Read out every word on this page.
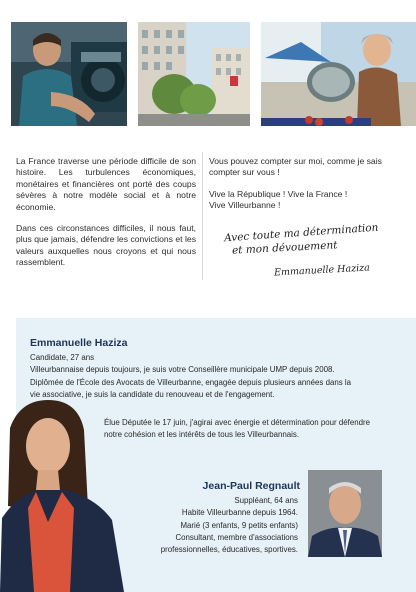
La France traverse une période difficile de son histoire. Les turbulences économiques, monétaires et financières ont porté des coups sévères à notre modèle social et à notre économie.

Dans ces circonstances difficiles, il nous faut, plus que jamais, défendre les convictions et les valeurs auxquelles nous croyons et qui nous rassemblent.

Vous pouvez compter sur moi, comme je sais compter sur vous !

Vive la République ! Vive la France !
Vive Villeurbanne !

Avec toute ma détermination
et mon dévouement
Emmanuelle Haziza
Emmanuelle Haziza
Candidate, 27 ans
Villeurbannaise depuis toujours, je suis votre Conseillère municipale UMP depuis 2008.
Diplômée de l'École des Avocats de Villeurbanne, engagée depuis plusieurs années dans la
vie associative, je suis la candidate du renouveau et de l'engagement.
Élue Députée le 17 juin, j'agirai avec énergie et détermination pour défendre
notre cohésion et les intérêts de tous les Villeurbannais.
Jean-Paul Regnault
Suppléant, 64 ans
Habite Villeurbanne depuis 1964.
Marié (3 enfants, 9 petits enfants)
Consultant, membre d'associations
professionnelles, éducatives, sportives.
